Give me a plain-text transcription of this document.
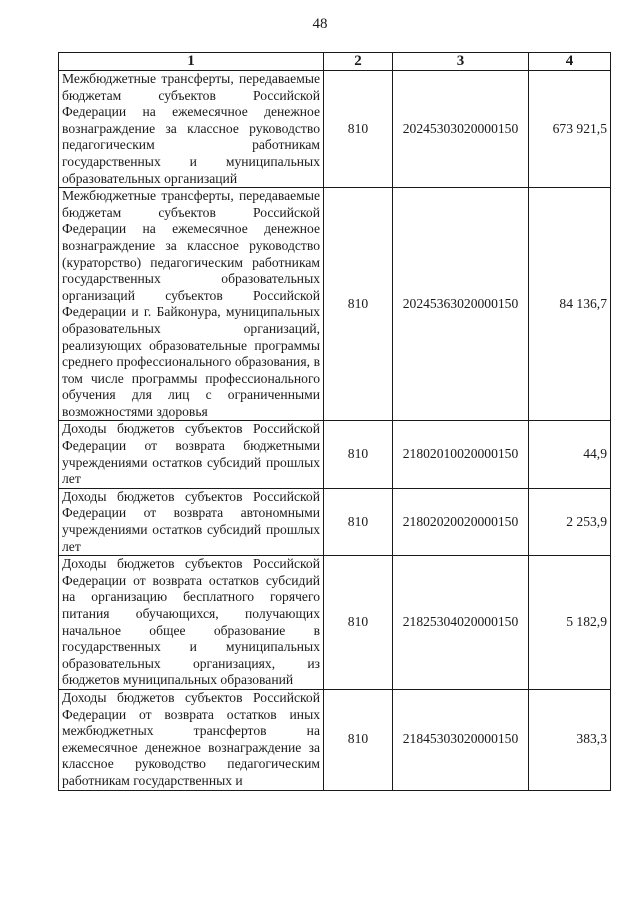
48
1	2	3	4
Межбюджетные трансферты, передаваемые бюджетам субъектов Российской Федерации на ежемесячное денежное вознаграждение за классное руководство педагогическим работникам государственных и муниципальных образовательных организаций	810	20245303020000150	673 921,5
Межбюджетные трансферты, передаваемые бюджетам субъектов Российской Федерации на ежемесячное денежное вознаграждение за классное руководство (кураторство) педагогическим работникам государственных образовательных организаций субъектов Российской Федерации и г. Байконура, муниципальных образовательных организаций, реализующих образовательные программы среднего профессионального образования, в том числе программы профессионального обучения для лиц с ограниченными возможностями здоровья	810	20245363020000150	84 136,7
Доходы бюджетов субъектов Российской Федерации от возврата бюджетными учреждениями остатков субсидий прошлых лет	810	21802010020000150	44,9
Доходы бюджетов субъектов Российской Федерации от возврата автономными учреждениями остатков субсидий прошлых лет	810	21802020020000150	2 253,9
Доходы бюджетов субъектов Российской Федерации от возврата остатков субсидий на организацию бесплатного горячего питания обучающихся, получающих начальное общее образование в государственных и муниципальных образовательных организациях, из бюджетов муниципальных образований	810	21825304020000150	5 182,9
Доходы бюджетов субъектов Российской Федерации от возврата остатков иных межбюджетных трансфертов на ежемесячное денежное вознаграждение за классное руководство педагогическим работникам государственных и	810	21845303020000150	383,3
